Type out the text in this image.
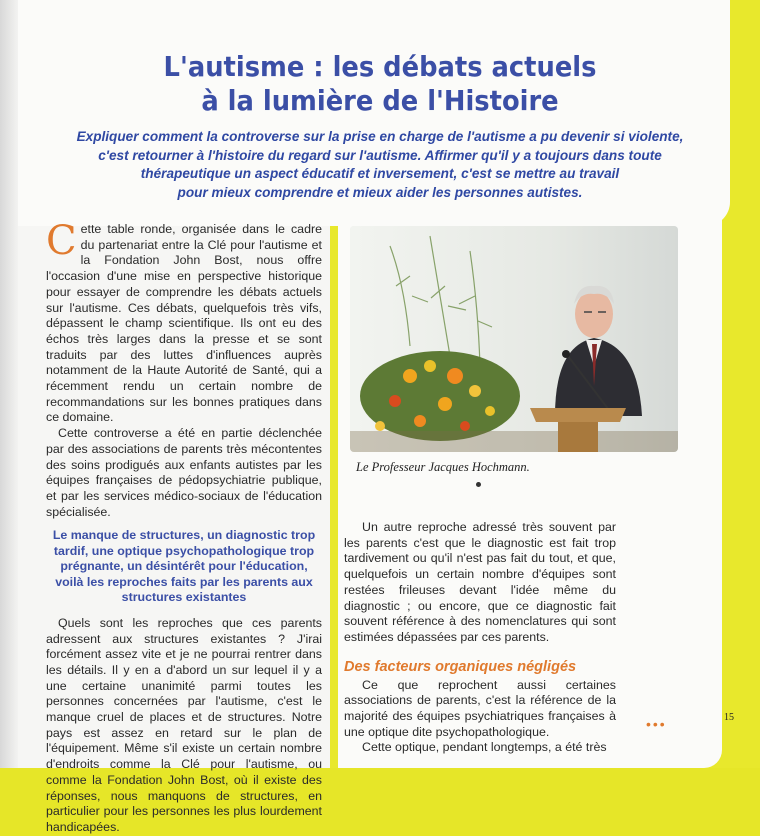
L'autisme : les débats actuels
à la lumière de l'Histoire
Expliquer comment la controverse sur la prise en charge de l'autisme a pu devenir si violente,
c'est retourner à l'histoire du regard sur l'autisme. Affirmer qu'il y a toujours dans toute
thérapeutique un aspect éducatif et inversement, c'est se mettre au travail
pour mieux comprendre et mieux aider les personnes autistes.

Cette table ronde, organisée dans le cadre du partenariat entre la Clé pour l'autisme et la Fondation John Bost, nous offre l'occasion d'une mise en perspective historique pour essayer de comprendre les débats actuels sur l'autisme. Ces débats, quelquefois très vifs, dépassent le champ scientifique. Ils ont eu des échos très larges dans la presse et se sont traduits par des luttes d'influences auprès notamment de la Haute Autorité de Santé, qui a récemment rendu un certain nombre de recommandations sur les bonnes pratiques dans ce domaine.

Cette controverse a été en partie déclenchée par des associations de parents très mécontentes des soins prodigués aux enfants autistes par les équipes françaises de pédopsychiatrie publique, et par les services médico-sociaux de l'éducation spécialisée.

Le manque de structures, un diagnostic trop tardif, une optique psychopathologique trop prégnante, un désintérêt pour l'éducation, voilà les reproches faits par les parents aux structures existantes

Quels sont les reproches que ces parents adressent aux structures existantes ? J'irai forcément assez vite et je ne pourrai rentrer dans les détails. Il y en a d'abord un sur lequel il y a une certaine unanimité parmi toutes les personnes concernées par l'autisme, c'est le manque cruel de places et de structures. Notre pays est assez en retard sur le plan de l'équipement. Même s'il existe un certain nombre d'endroits comme la Clé pour l'autisme, ou comme la Fondation John Bost, où il existe des réponses, nous manquons de structures, en particulier pour les personnes les plus lourdement handicapées.

Le Professeur Jacques Hochmann.

Un autre reproche adressé très souvent par les parents c'est que le diagnostic est fait trop tardivement ou qu'il n'est pas fait du tout, et que, quelquefois un certain nombre d'équipes sont restées frileuses devant l'idée même du diagnostic ; ou encore, que ce diagnostic fait souvent référence à des nomenclatures qui sont estimées dépassées par ces parents.

Des facteurs organiques négligés

Ce que reprochent aussi certaines associations de parents, c'est la référence de la majorité des équipes psychiatriques françaises à une optique dite psychopathologique.

Cette optique, pendant longtemps, a été très

•••	15
